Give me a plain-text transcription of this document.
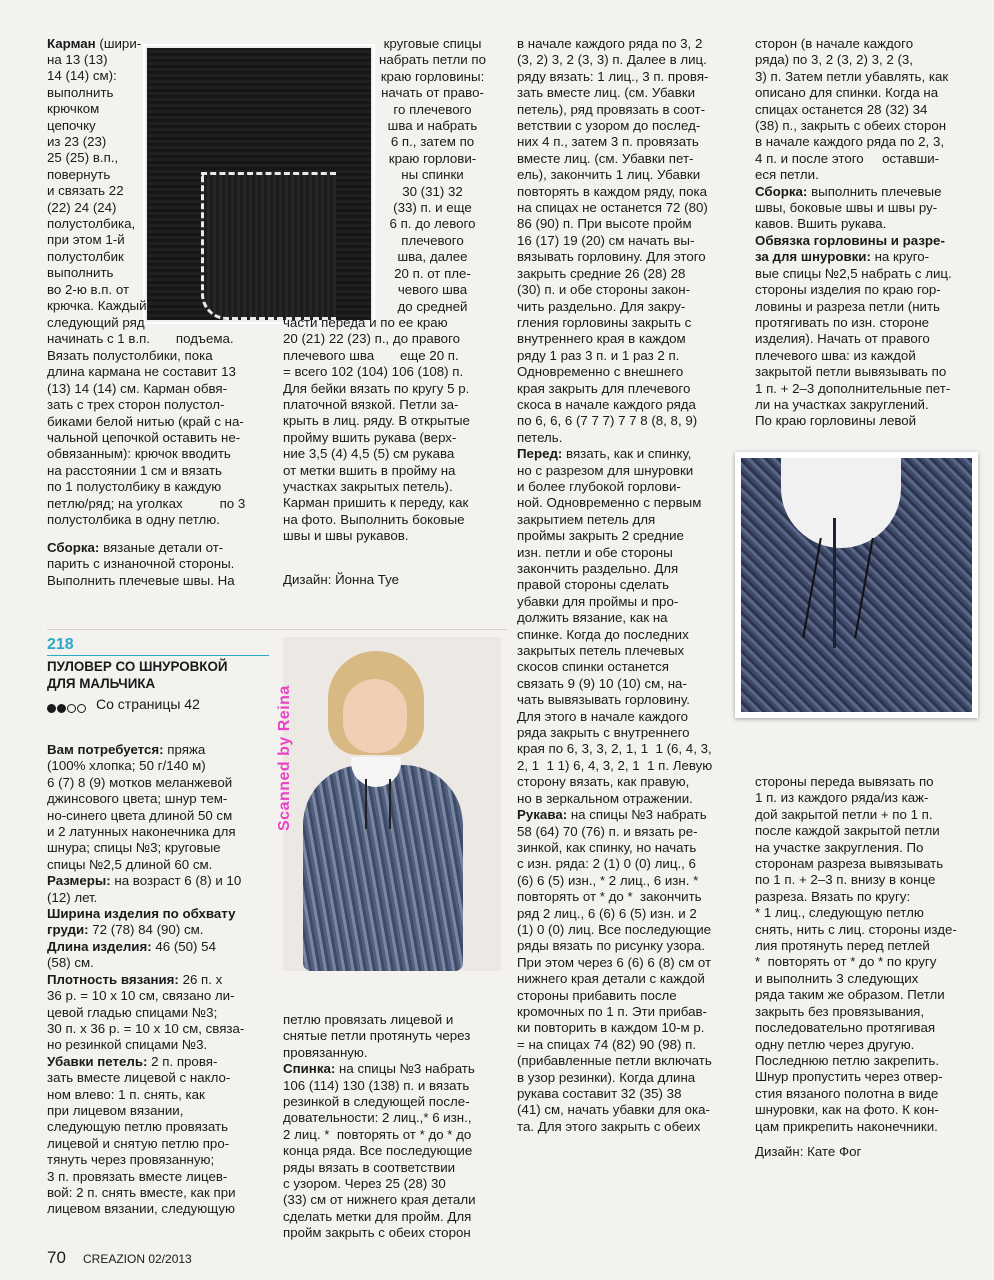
Карман (шири-

на 13 (13)

14 (14) см):

выполнить

крючком

цепочку

из 23 (23)

25 (25) в.п.,

повернуть

и связать 22

(22) 24 (24)

полустолбика,

при этом 1-й

полустолбик

выполнить

во 2-ю в.п. от

крючка. Каждый

следующий ряд

начинать с 1 в.п.       подъема.

Вязать полустолбики, пока

длина кармана не составит 13

(13) 14 (14) см. Карман обвя-

зать с трех сторон полустол-

биками белой нитью (край с на-

чальной цепочкой оставить не-

обвязанным): крючок вводить

на расстоянии 1 см и вязать

по 1 полустолбику в каждую

петлю/ряд; на уголках          по 3

полустолбика в одну петлю.

Сборка: вязаные детали от-

парить с изнаночной стороны.

Выполнить плечевые швы. На

круговые спицы

набрать петли по

краю горловины:

начать от право-

го плечевого

шва и набрать

6 п., затем по

краю горлови-

ны спинки

30 (31) 32

(33) п. и еще

6 п. до левого

плечевого

шва, далее

20 п. от пле-

чевого шва

до средней

части переда и по ее краю

20 (21) 22 (23) п., до правого

плечевого шва       еще 20 п.

= всего 102 (104) 106 (108) п.

Для бейки вязать по кругу 5 р.

платочной вязкой. Петли за-

крыть в лиц. ряду. В открытые

пройму вшить рукава (верх-

ние 3,5 (4) 4,5 (5) см рукава

от метки вшить в пройму на

участках закрытых петель).

Карман пришить к переду, как

на фото. Выполнить боковые

швы и швы рукавов.

Дизайн: Йонна Туе

218
ПУЛОВЕР СО ШНУРОВКОЙ
ДЛЯ МАЛЬЧИКА
Со страницы 42

Вам потребуется: пряжа

(100% хлопка; 50 г/140 м)

6 (7) 8 (9) мотков меланжевой

джинсового цвета; шнур тем-

но-синего цвета длиной 50 см

и 2 латунных наконечника для

шнура; спицы №3; круговые

спицы №2,5 длиной 60 см.

Размеры: на возраст 6 (8) и 10

(12) лет.

Ширина изделия по обхвату

груди: 72 (78) 84 (90) см.

Длина изделия: 46 (50) 54

(58) см.

Плотность вязания: 26 п. х

36 р. = 10 х 10 см, связано ли-

цевой гладью спицами №3;

30 п. х 36 р. = 10 х 10 см, связа-

но резинкой спицами №3.

Убавки петель: 2 п. провя-

зать вместе лицевой с накло-

ном влево: 1 п. снять, как

при лицевом вязании,

следующую петлю провязать

лицевой и снятую петлю про-

тянуть через провязанную;

3 п. провязать вместе лицев-

вой: 2 п. снять вместе, как при

лицевом вязании, следующую

Scanned by Reina

петлю провязать лицевой и

снятые петли протянуть через

провязанную.

Спинка: на спицы №3 набрать

106 (114) 130 (138) п. и вязать

резинкой в следующей после-

довательности: 2 лиц.,* 6 изн.,

2 лиц. *  повторять от * до * до

конца ряда. Все последующие

ряды вязать в соответствии

с узором. Через 25 (28) 30

(33) см от нижнего края детали

сделать метки для пройм. Для

пройм закрыть с обеих сторон

в начале каждого ряда по 3, 2

(3, 2) 3, 2 (3, 3) п. Далее в лиц.

ряду вязать: 1 лиц., 3 п. провя-

зать вместе лиц. (см. Убавки

петель), ряд провязать в соот-

ветствии с узором до послед-

них 4 п., затем 3 п. провязать

вместе лиц. (см. Убавки пет-

ель), закончить 1 лиц. Убавки

повторять в каждом ряду, пока

на спицах не останется 72 (80)

86 (90) п. При высоте пройм

16 (17) 19 (20) см начать вы-

вязывать горловину. Для этого

закрыть средние 26 (28) 28

(30) п. и обе стороны закон-

чить раздельно. Для закру-

гления горловины закрыть с

внутреннего края в каждом

ряду 1 раз 3 п. и 1 раз 2 п.

Одновременно с внешнего

края закрыть для плечевого

скоса в начале каждого ряда

по 6, 6, 6 (7 7 7) 7 7 8 (8, 8, 9)

петель.

Перед: вязать, как и спинку,

но с разрезом для шнуровки

и более глубокой горлови-

ной. Одновременно с первым

закрытием петель для

проймы закрыть 2 средние

изн. петли и обе стороны

закончить раздельно. Для

правой стороны сделать

убавки для проймы и про-

должить вязание, как на

спинке. Когда до последних

закрытых петель плечевых

скосов спинки останется

связать 9 (9) 10 (10) см, на-

чать вывязывать горловину.

Для этого в начале каждого

ряда закрыть с внутреннего

края по 6, 3, 3, 2, 1, 1  1 (6, 4, 3,

2, 1  1 1) 6, 4, 3, 2, 1  1 п. Левую

сторону вязать, как правую,

но в зеркальном отражении.

Рукава: на спицы №3 набрать

58 (64) 70 (76) п. и вязать ре-

зинкой, как спинку, но начать

с изн. ряда: 2 (1) 0 (0) лиц., 6

(6) 6 (5) изн., * 2 лиц., 6 изн. *

повторять от * до *  закончить

ряд 2 лиц., 6 (6) 6 (5) изн. и 2

(1) 0 (0) лиц. Все последующие

ряды вязать по рисунку узора.

При этом через 6 (6) 6 (8) см от

нижнего края детали с каждой

стороны прибавить после

кромочных по 1 п. Эти прибав-

ки повторить в каждом 10-м р.

= на спицах 74 (82) 90 (98) п.

(прибавленные петли включать

в узор резинки). Когда длина

рукава составит 32 (35) 38

(41) см, начать убавки для ока-

та. Для этого закрыть с обеих

сторон (в начале каждого

ряда) по 3, 2 (3, 2) 3, 2 (3,

3) п. Затем петли убавлять, как

описано для спинки. Когда на

спицах останется 28 (32) 34

(38) п., закрыть с обеих сторон

в начале каждого ряда по 2, 3,

4 п. и после этого     оставши-

еся петли.

Сборка: выполнить плечевые

швы, боковые швы и швы ру-

кавов. Вшить рукава.

Обвязка горловины и разре-

за для шнуровки: на круго-

вые спицы №2,5 набрать с лиц.

стороны изделия по краю гор-

ловины и разреза петли (нить

протягивать по изн. стороне

изделия). Начать от правого

плечевого шва: из каждой

закрытой петли вывязывать по

1 п. + 2–3 дополнительные пет-

ли на участках закруглений.

По краю горловины левой

стороны переда вывязать по

1 п. из каждого ряда/из каж-

дой закрытой петли + по 1 п.

после каждой закрытой петли

на участке закругления. По

сторонам разреза вывязывать

по 1 п. + 2–3 п. внизу в конце

разреза. Вязать по кругу:

* 1 лиц., следующую петлю

снять, нить с лиц. стороны изде-

лия протянуть перед петлей

*  повторять от * до * по кругу

и выполнить 3 следующих

ряда таким же образом. Петли

закрыть без провязывания,

последовательно протягивая

одну петлю через другую.

Последнюю петлю закрепить.

Шнур пропустить через отвер-

стия вязаного полотна в виде

шнуровки, как на фото. К кон-

цам прикрепить наконечники.

Дизайн: Кате Фог

70 CREAZION 02/2013
